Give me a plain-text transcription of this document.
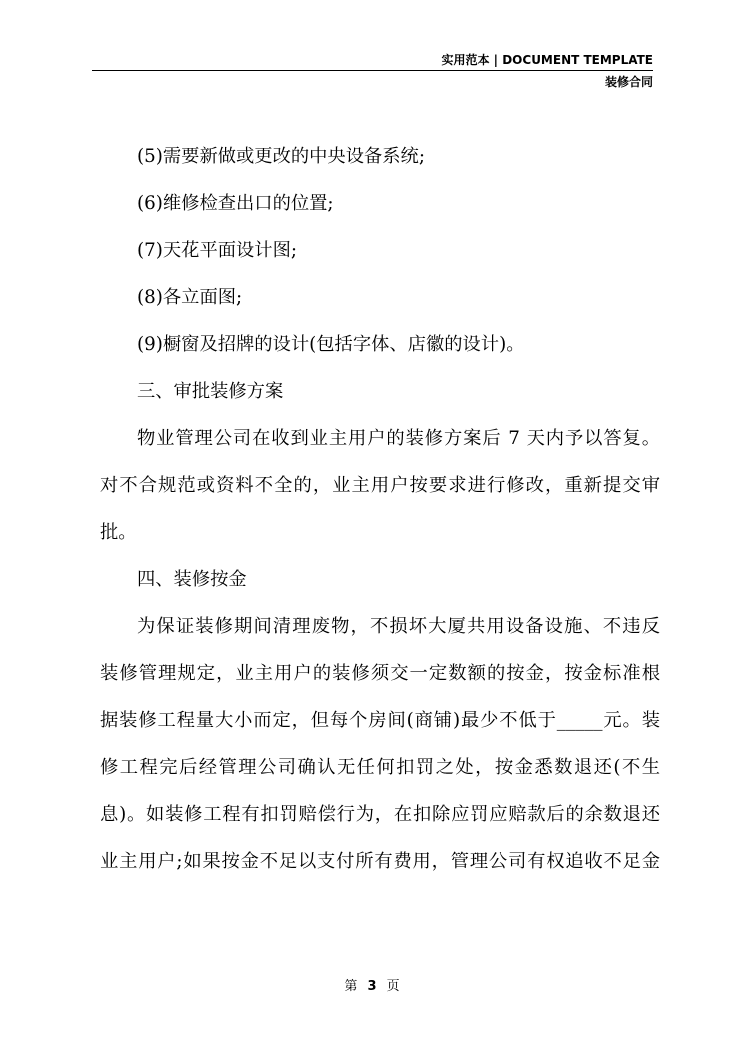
实用范本 | DOCUMENT TEMPLATE
装修合同
(5)需要新做或更改的中央设备系统;
(6)维修检查出口的位置;
(7)天花平面设计图;
(8)各立面图;
(9)橱窗及招牌的设计(包括字体、店徽的设计)。
三、审批装修方案
物业管理公司在收到业主用户的装修方案后 7 天内予以答复。
对不合规范或资料不全的，业主用户按要求进行修改，重新提交审
批。
四、装修按金
为保证装修期间清理废物，不损坏大厦共用设备设施、不违反
装修管理规定，业主用户的装修须交一定数额的按金，按金标准根
据装修工程量大小而定，但每个房间(商铺)最少不低于_____元。装
修工程完后经管理公司确认无任何扣罚之处，按金悉数退还(不生
息)。如装修工程有扣罚赔偿行为，在扣除应罚应赔款后的余数退还
业主用户;如果按金不足以支付所有费用，管理公司有权追收不足金
第 3 页
